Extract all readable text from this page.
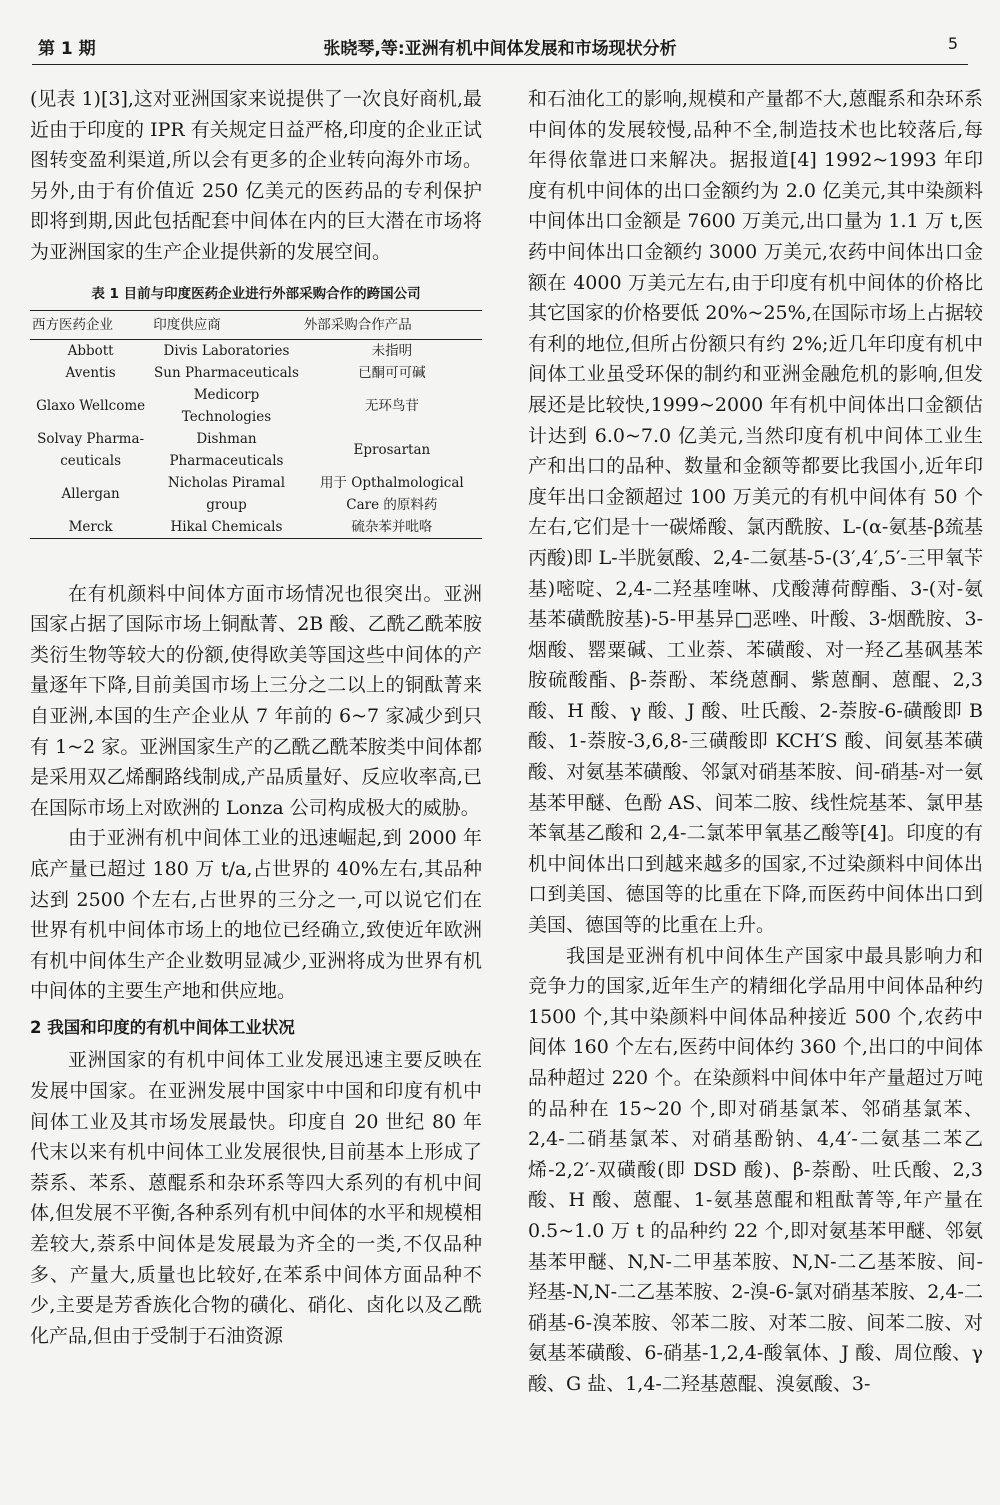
第 1 期	张晓琴,等:亚洲有机中间体发展和市场现状分析	5

(见表 1)[3],这对亚洲国家来说提供了一次良好商机,最近由于印度的 IPR 有关规定日益严格,印度的企业正试图转变盈利渠道,所以会有更多的企业转向海外市场。另外,由于有价值近 250 亿美元的医药品的专利保护即将到期,因此包括配套中间体在内的巨大潜在市场将为亚洲国家的生产企业提供新的发展空间。

表 1 目前与印度医药企业进行外部采购合作的跨国公司
西方医药企业	印度供应商	外部采购合作产品
Abbott	Divis Laboratories	未指明
Aventis	Sun Pharmaceuticals	已酮可可碱
Glaxo Wellcome	Medicorp Technologies	无环鸟苷
Solvay Pharma-ceuticals	Dishman Pharmaceuticals	Eprosartan
Allergan	Nicholas Piramal group	用于 Opthalmological Care 的原料药
Merck	Hikal Chemicals	硫杂苯并吡咯

在有机颜料中间体方面市场情况也很突出。亚洲国家占据了国际市场上铜酞菁、2B 酸、乙酰乙酰苯胺类衍生物等较大的份额,使得欧美等国这些中间体的产量逐年下降,目前美国市场上三分之二以上的铜酞菁来自亚洲,本国的生产企业从 7 年前的 6~7 家减少到只有 1~2 家。亚洲国家生产的乙酰乙酰苯胺类中间体都是采用双乙烯酮路线制成,产品质量好、反应收率高,已在国际市场上对欧洲的 Lonza 公司构成极大的威胁。

由于亚洲有机中间体工业的迅速崛起,到 2000 年底产量已超过 180 万 t/a,占世界的 40%左右,其品种达到 2500 个左右,占世界的三分之一,可以说它们在世界有机中间体市场上的地位已经确立,致使近年欧洲有机中间体生产企业数明显减少,亚洲将成为世界有机中间体的主要生产地和供应地。

2 我国和印度的有机中间体工业状况

亚洲国家的有机中间体工业发展迅速主要反映在发展中国家。在亚洲发展中国家中中国和印度有机中间体工业及其市场发展最快。印度自 20 世纪 80 年代末以来有机中间体工业发展很快,目前基本上形成了萘系、苯系、蒽醌系和杂环系等四大系列的有机中间体,但发展不平衡,各种系列有机中间体的水平和规模相差较大,萘系中间体是发展最为齐全的一类,不仅品种多、产量大,质量也比较好,在苯系中间体方面品种不少,主要是芳香族化合物的磺化、硝化、卤化以及乙酰化产品,但由于受制于石油资源

和石油化工的影响,规模和产量都不大,蒽醌系和杂环系中间体的发展较慢,品种不全,制造技术也比较落后,每年得依靠进口来解决。据报道[4] 1992~1993 年印度有机中间体的出口金额约为 2.0 亿美元,其中染颜料中间体出口金额是 7600 万美元,出口量为 1.1 万 t,医药中间体出口金额约 3000 万美元,农药中间体出口金额在 4000 万美元左右,由于印度有机中间体的价格比其它国家的价格要低 20%~25%,在国际市场上占据较有利的地位,但所占份额只有约 2%;近几年印度有机中间体工业虽受环保的制约和亚洲金融危机的影响,但发展还是比较快,1999~2000 年有机中间体出口金额估计达到 6.0~7.0 亿美元,当然印度有机中间体工业生产和出口的品种、数量和金额等都要比我国小,近年印度年出口金额超过 100 万美元的有机中间体有 50 个左右,它们是十一碳烯酸、氯丙酰胺、L-(α-氨基-β巯基丙酸)即 L-半胱氨酸、2,4-二氨基-5-(3′,4′,5′-三甲氧苄基)嘧啶、2,4-二羟基喹啉、戊酸薄荷醇酯、3-(对-氨基苯磺酰胺基)-5-甲基异□恶唑、叶酸、3-烟酰胺、3-烟酸、罂粟碱、工业萘、苯磺酸、对一羟乙基砜基苯胺硫酸酯、β-萘酚、苯绕蒽酮、紫蒽酮、蒽醌、2,3 酸、H 酸、γ 酸、J 酸、吐氏酸、2-萘胺-6-磺酸即 B 酸、1-萘胺-3,6,8-三磺酸即 KCH′S 酸、间氨基苯磺酸、对氨基苯磺酸、邻氯对硝基苯胺、间-硝基-对一氨基苯甲醚、色酚 AS、间苯二胺、线性烷基苯、氯甲基苯氧基乙酸和 2,4-二氯苯甲氧基乙酸等[4]。印度的有机中间体出口到越来越多的国家,不过染颜料中间体出口到美国、德国等的比重在下降,而医药中间体出口到美国、德国等的比重在上升。

我国是亚洲有机中间体生产国家中最具影响力和竞争力的国家,近年生产的精细化学品用中间体品种约 1500 个,其中染颜料中间体品种接近 500 个,农药中间体 160 个左右,医药中间体约 360 个,出口的中间体品种超过 220 个。在染颜料中间体中年产量超过万吨的品种在 15~20 个,即对硝基氯苯、邻硝基氯苯、2,4-二硝基氯苯、对硝基酚钠、4,4′-二氨基二苯乙烯-2,2′-双磺酸(即 DSD 酸)、β-萘酚、吐氏酸、2,3 酸、H 酸、蒽醌、1-氨基蒽醌和粗酞菁等,年产量在 0.5~1.0 万 t 的品种约 22 个,即对氨基苯甲醚、邻氨基苯甲醚、N,N-二甲基苯胺、N,N-二乙基苯胺、间-羟基-N,N-二乙基苯胺、2-溴-6-氯对硝基苯胺、2,4-二硝基-6-溴苯胺、邻苯二胺、对苯二胺、间苯二胺、对氨基苯磺酸、6-硝基-1,2,4-酸氧体、J 酸、周位酸、γ 酸、G 盐、1,4-二羟基蒽醌、溴氨酸、3-
